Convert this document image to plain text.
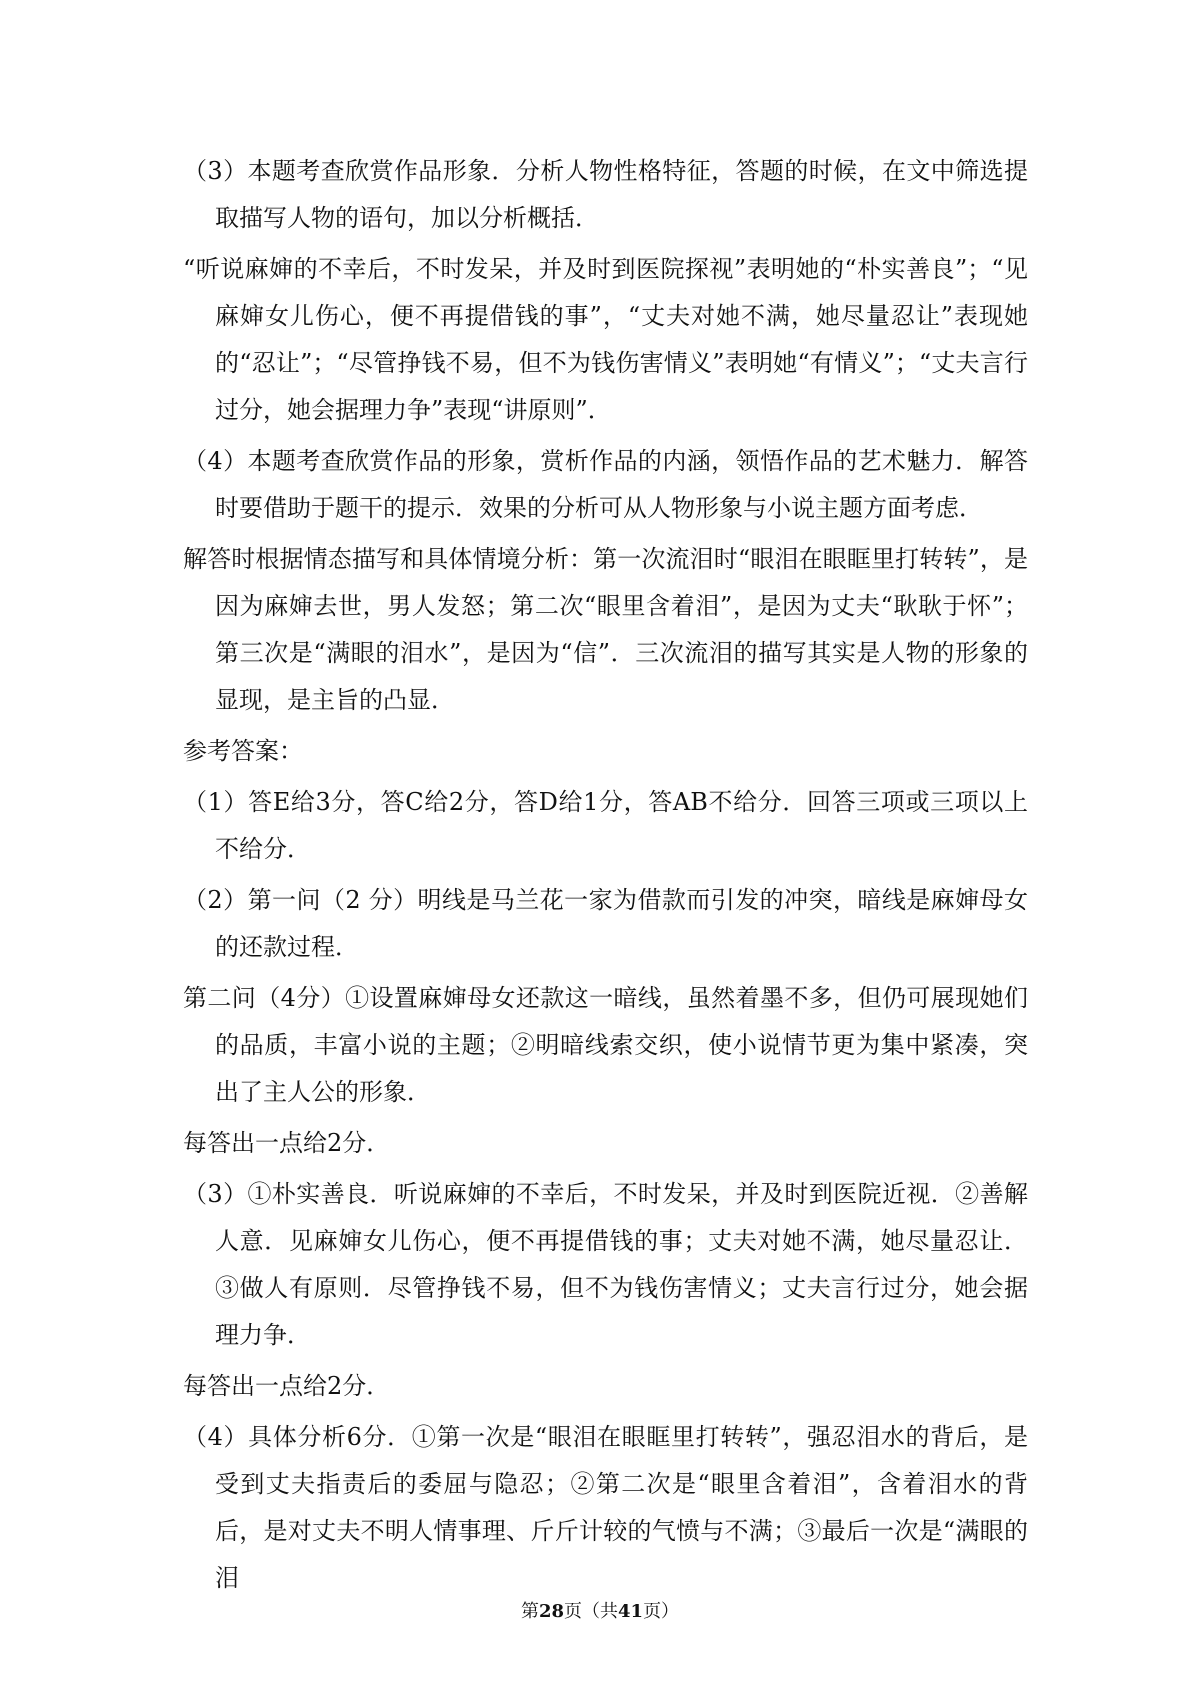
（3）本题考查欣赏作品形象．分析人物性格特征，答题的时候，在文中筛选提取描写人物的语句，加以分析概括．

“听说麻婶的不幸后，不时发呆，并及时到医院探视”表明她的“朴实善良”；“见麻婶女儿伤心，便不再提借钱的事”，“丈夫对她不满，她尽量忍让”表现她的“忍让”；“尽管挣钱不易，但不为钱伤害情义”表明她“有情义”；“丈夫言行过分，她会据理力争”表现“讲原则”．

（4）本题考查欣赏作品的形象，赏析作品的内涵，领悟作品的艺术魅力．解答时要借助于题干的提示．效果的分析可从人物形象与小说主题方面考虑．

解答时根据情态描写和具体情境分析：第一次流泪时“眼泪在眼眶里打转转”，是因为麻婶去世，男人发怒；第二次“眼里含着泪”，是因为丈夫“耿耿于怀”；第三次是“满眼的泪水”，是因为“信”．三次流泪的描写其实是人物的形象的显现，是主旨的凸显．

参考答案：

（1）答E给3分，答C给2分，答D给1分，答AB不给分．回答三项或三项以上不给分．

（2）第一问（2 分）明线是马兰花一家为借款而引发的冲突，暗线是麻婶母女的还款过程．

第二问（4分）①设置麻婶母女还款这一暗线，虽然着墨不多，但仍可展现她们的品质，丰富小说的主题；②明暗线索交织，使小说情节更为集中紧凑，突出了主人公的形象．

每答出一点给2分．

（3）①朴实善良．听说麻婶的不幸后，不时发呆，并及时到医院近视．②善解人意．见麻婶女儿伤心，便不再提借钱的事；丈夫对她不满，她尽量忍让．③做人有原则．尽管挣钱不易，但不为钱伤害情义；丈夫言行过分，她会据理力争．

每答出一点给2分．

（4）具体分析6分．①第一次是“眼泪在眼眶里打转转”，强忍泪水的背后，是受到丈夫指责后的委屈与隐忍；②第二次是“眼里含着泪”，含着泪水的背后，是对丈夫不明人情事理、斤斤计较的气愤与不满；③最后一次是“满眼的泪

第28页（共41页）
